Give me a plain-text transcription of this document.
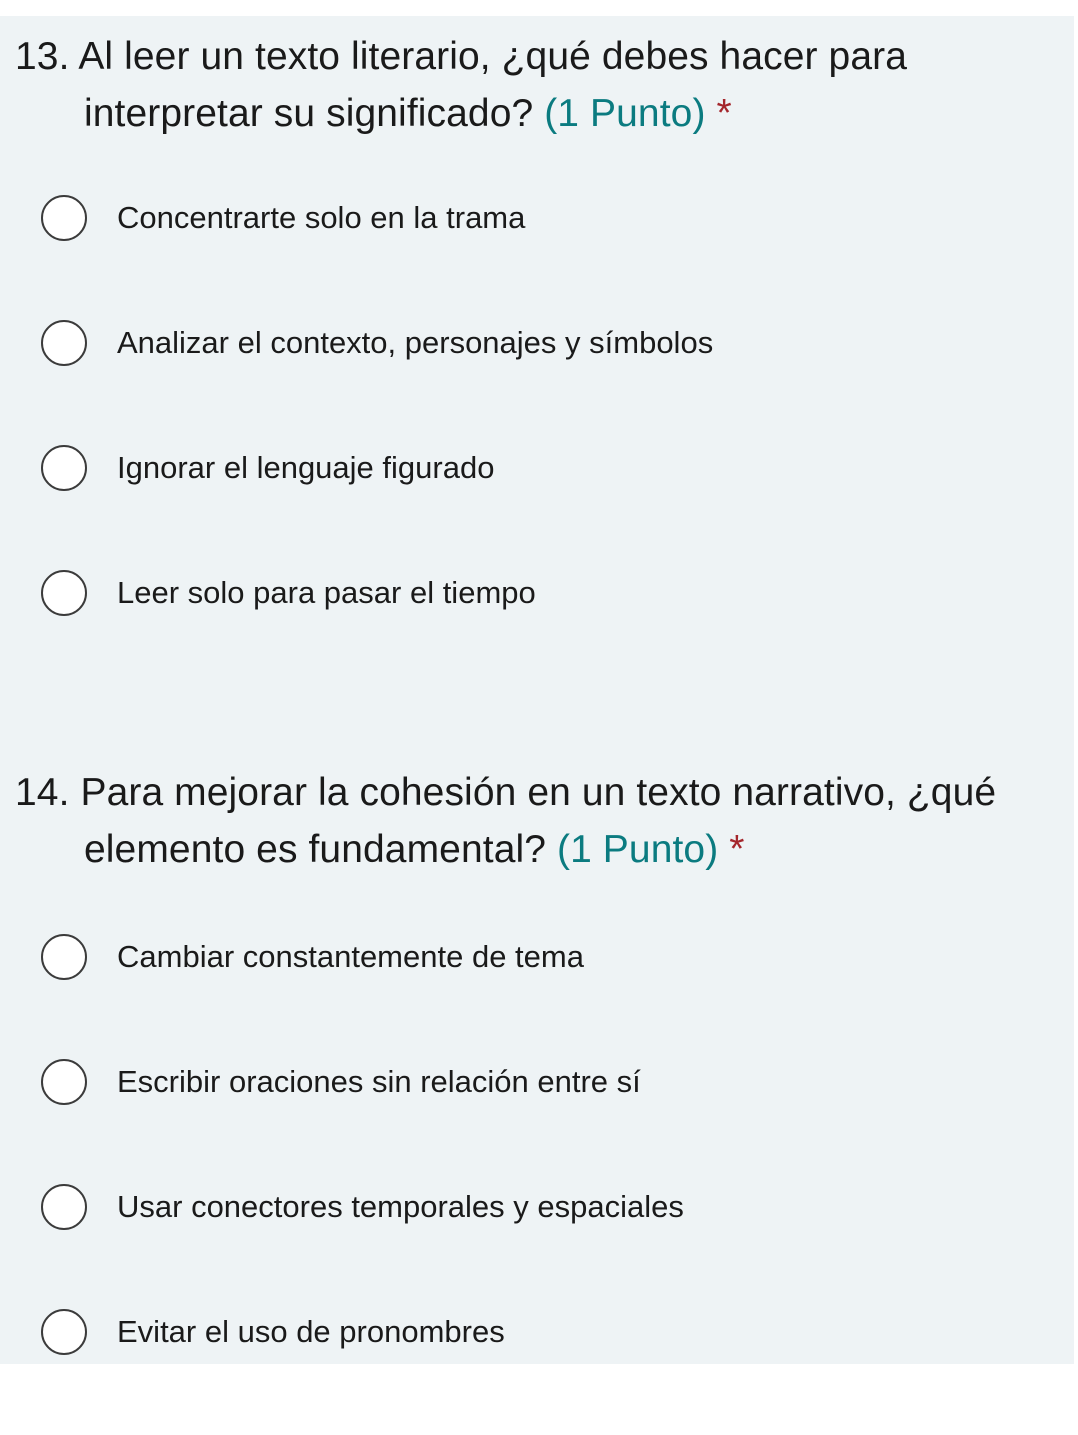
13. Al leer un texto literario, ¿qué debes hacer para interpretar su significado? (1 Punto) *
Concentrarte solo en la trama
Analizar el contexto, personajes y símbolos
Ignorar el lenguaje figurado
Leer solo para pasar el tiempo
14. Para mejorar la cohesión en un texto narrativo, ¿qué elemento es fundamental? (1 Punto) *
Cambiar constantemente de tema
Escribir oraciones sin relación entre sí
Usar conectores temporales y espaciales
Evitar el uso de pronombres
